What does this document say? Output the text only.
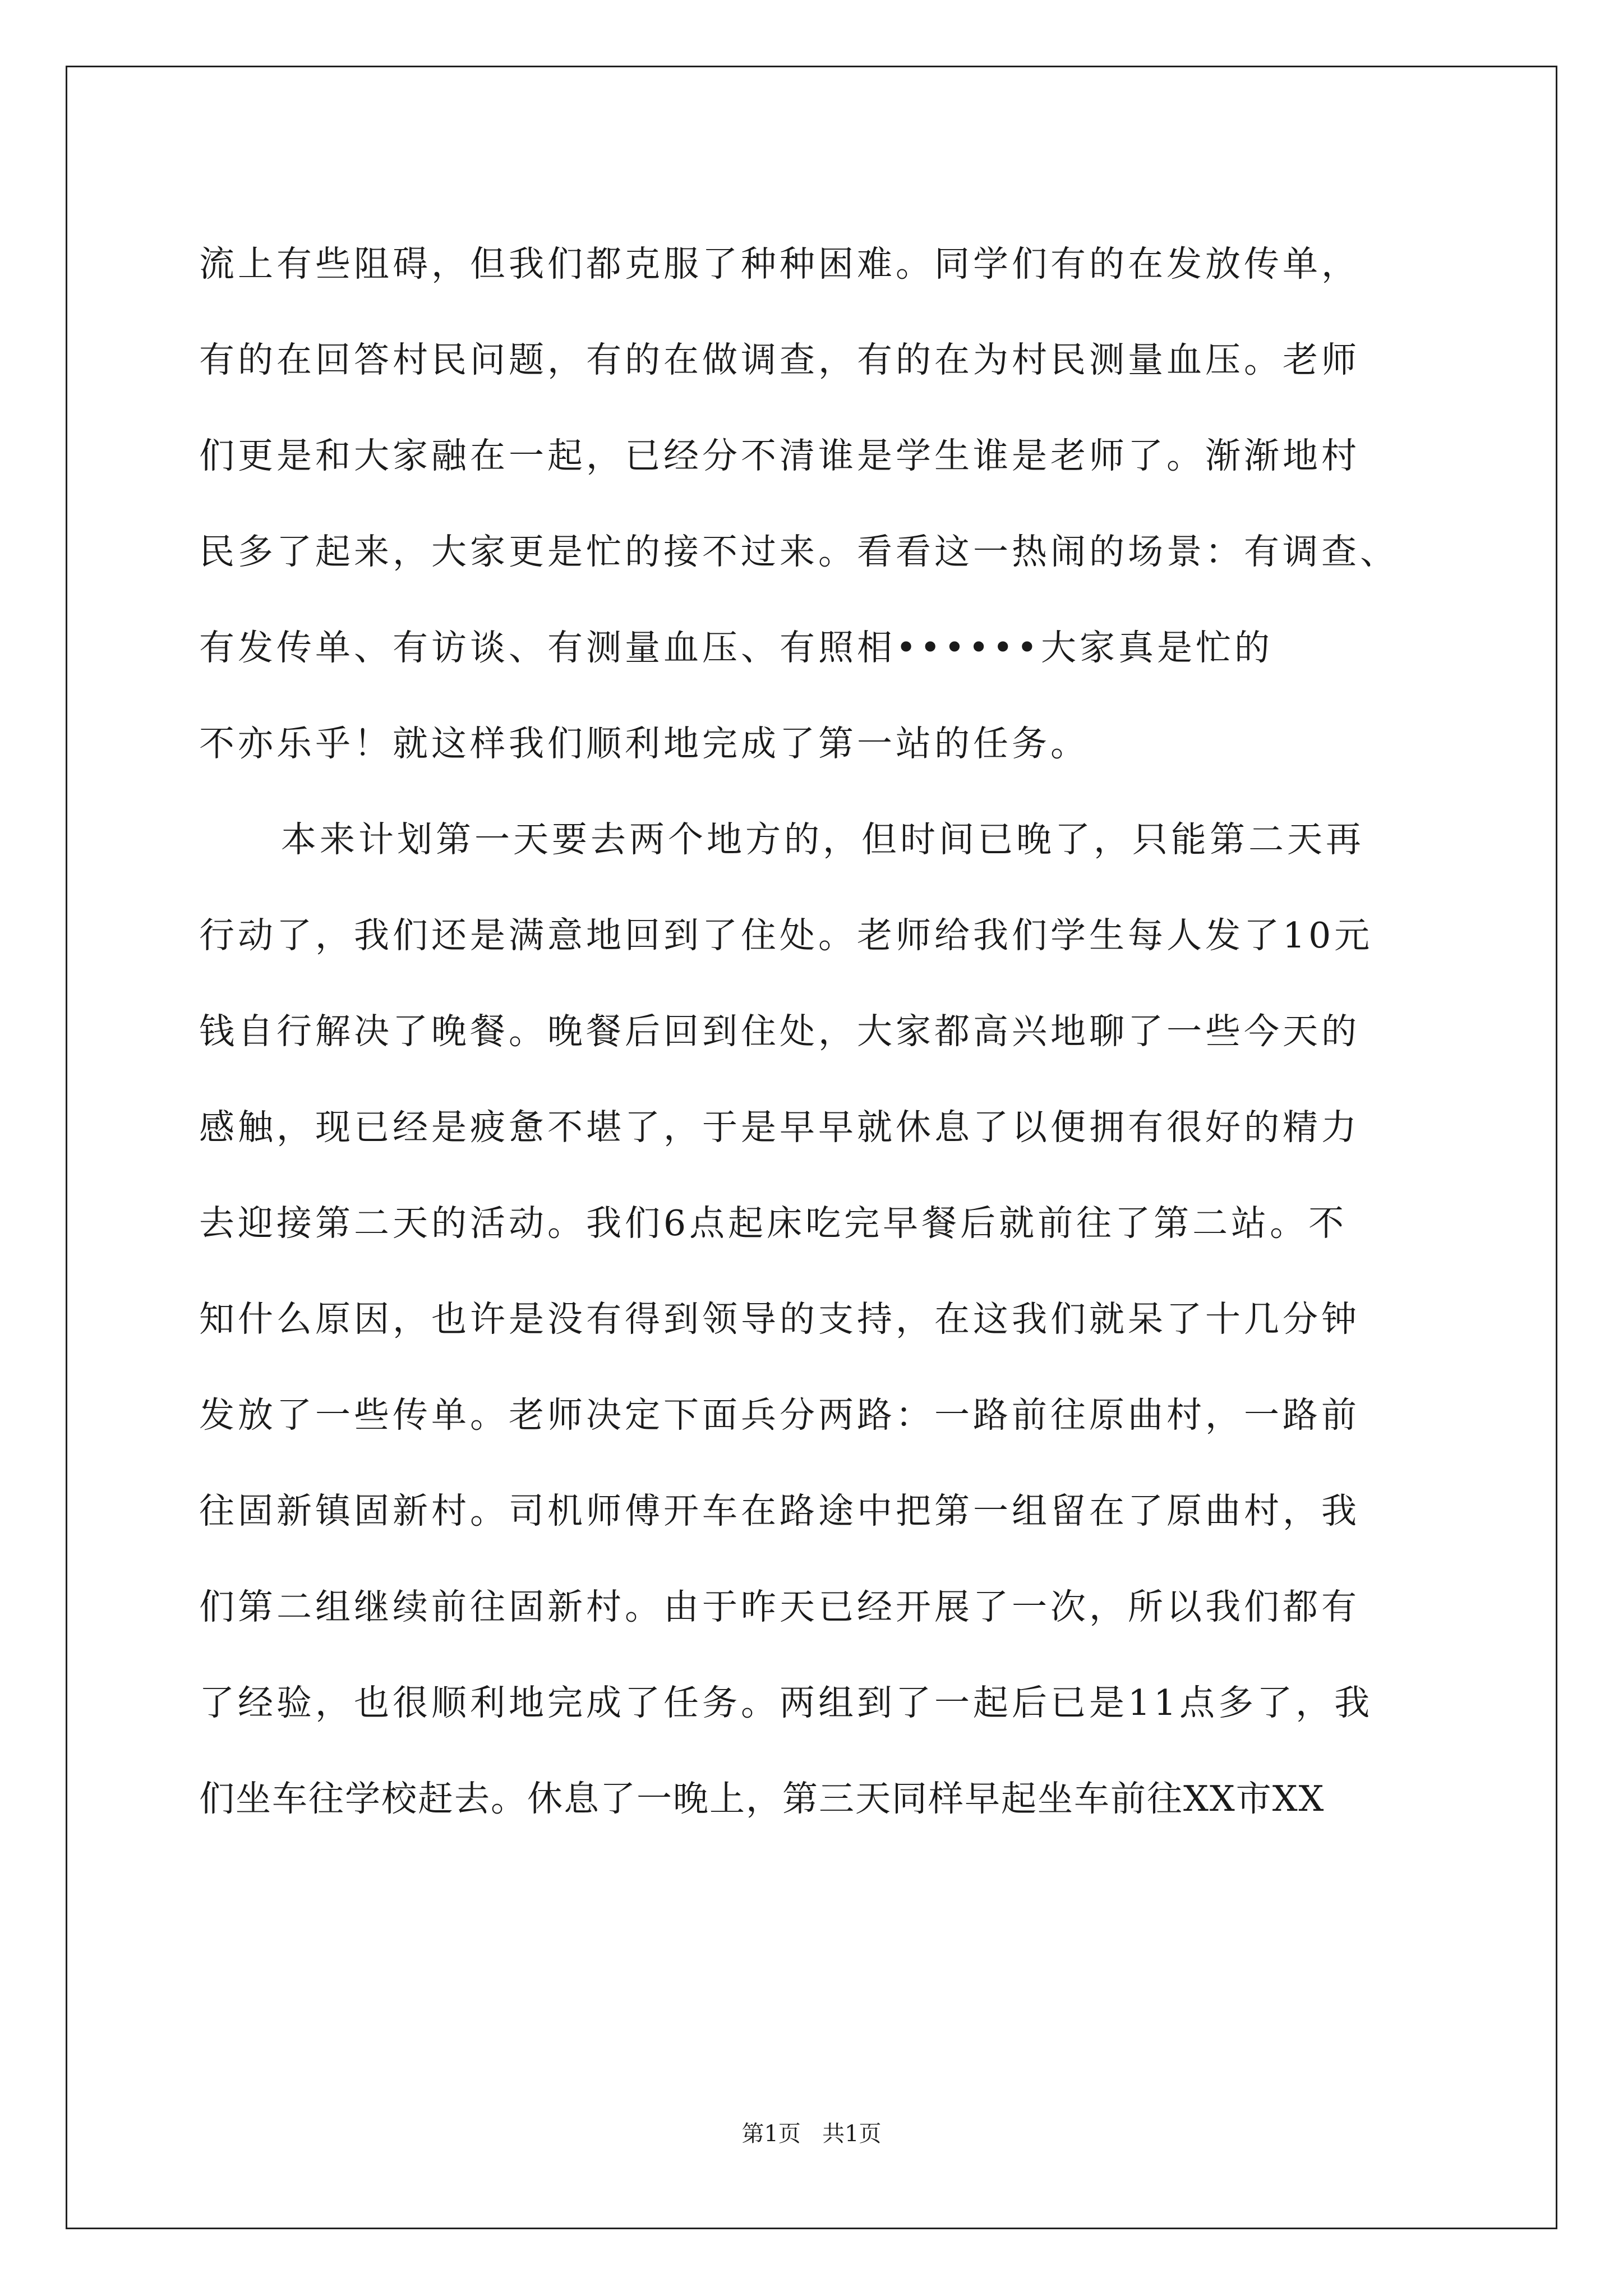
流上有些阻碍，但我们都克服了种种困难。同学们有的在发放传单，
有的在回答村民问题，有的在做调查，有的在为村民测量血压。老师
们更是和大家融在一起，已经分不清谁是学生谁是老师了。渐渐地村
民多了起来，大家更是忙的接不过来。看看这一热闹的场景：有调查、
有发传单、有访谈、有测量血压、有照相••••••大家真是忙的
不亦乐乎！就这样我们顺利地完成了第一站的任务。
本来计划第一天要去两个地方的，但时间已晚了，只能第二天再
行动了，我们还是满意地回到了住处。老师给我们学生每人发了10元
钱自行解决了晚餐。晚餐后回到住处，大家都高兴地聊了一些今天的
感触，现已经是疲惫不堪了，于是早早就休息了以便拥有很好的精力
去迎接第二天的活动。我们6点起床吃完早餐后就前往了第二站。不
知什么原因，也许是没有得到领导的支持，在这我们就呆了十几分钟
发放了一些传单。老师决定下面兵分两路：一路前往原曲村，一路前
往固新镇固新村。司机师傅开车在路途中把第一组留在了原曲村，我
们第二组继续前往固新村。由于昨天已经开展了一次，所以我们都有
了经验，也很顺利地完成了任务。两组到了一起后已是11点多了，我
们坐车往学校赶去。休息了一晚上，第三天同样早起坐车前往XX市XX
第1页 共1页
